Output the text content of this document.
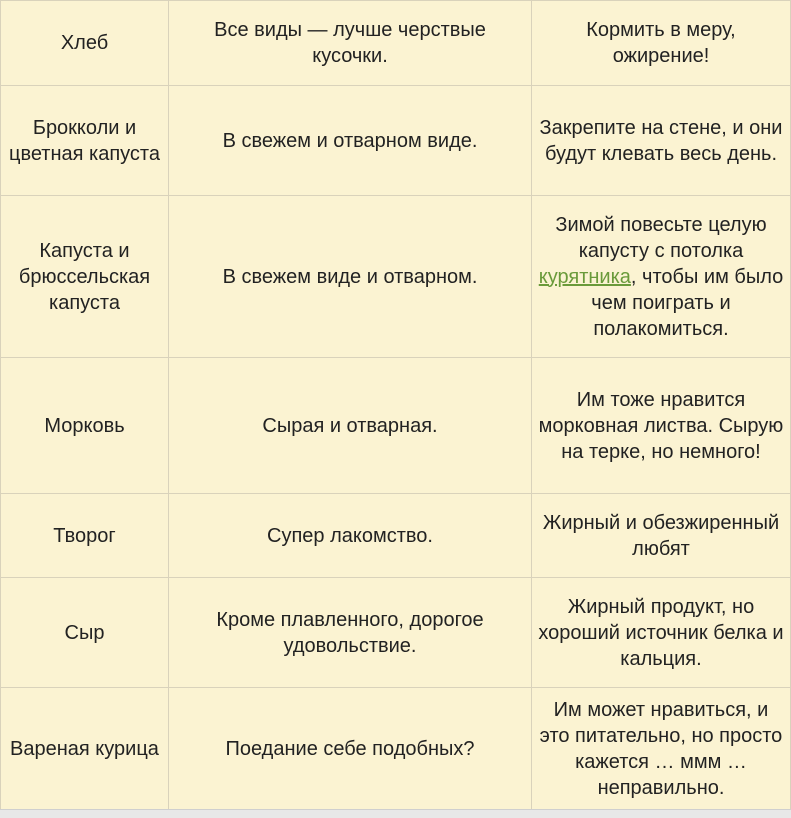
Хлеб	Все виды — лучше черствые кусочки.	Кормить в меру, ожирение!
Брокколи и цветная капуста	В свежем и отварном виде.	Закрепите на стене, и они будут клевать весь день.
Капуста и брюссельская капуста	В свежем виде и отварном.	Зимой повесьте целую капусту с потолка курятника, чтобы им было чем поиграть и полакомиться.
Морковь	Сырая и отварная.	Им тоже нравится морковная листва. Сырую на терке, но немного!
Творог	Супер лакомство.	Жирный и обезжиренный любят
Сыр	Кроме плавленного, дорогое удовольствие.	Жирный продукт, но хороший источник белка и кальция.
Вареная курица	Поедание себе подобных?	Им может нравиться, и это питательно, но просто кажется … ммм … неправильно.
